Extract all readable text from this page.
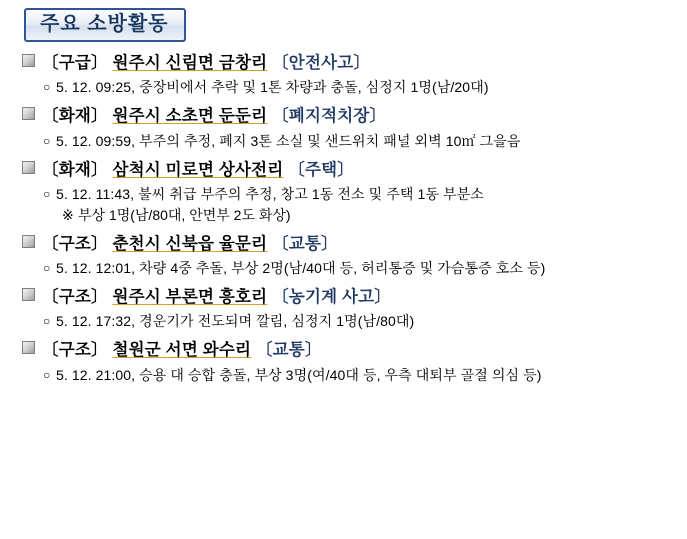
주요 소방활동
〔구급〕 원주시 신림면 금창리 〔안전사고〕
○ 5. 12. 09:25, 중장비에서 추락 및 1톤 차량과 충돌, 심정지 1명(남/20대)
〔화재〕 원주시 소초면 둔둔리 〔폐지적치장〕
○ 5. 12. 09:59, 부주의 추정, 폐지 3톤 소실 및 샌드위치 패널 외벽 10㎡ 그을음
〔화재〕 삼척시 미로면 상사전리 〔주택〕
○ 5. 12. 11:43, 불씨 취급 부주의 추정, 창고 1동 전소 및 주택 1동 부분소
※ 부상 1명(남/80대, 안면부 2도 화상)
〔구조〕 춘천시 신북읍 율문리 〔교통〕
○ 5. 12. 12:01, 차량 4중 추돌, 부상 2명(남/40대 등, 허리통증 및 가슴통증 호소 등)
〔구조〕 원주시 부론면 흥호리 〔농기계 사고〕
○ 5. 12. 17:32, 경운기가 전도되며 깔림, 심정지 1명(남/80대)
〔구조〕 철원군 서면 와수리 〔교통〕
○ 5. 12. 21:00, 승용 대 승합 충돌, 부상 3명(여/40대 등, 우측 대퇴부 골절 의심 등)
